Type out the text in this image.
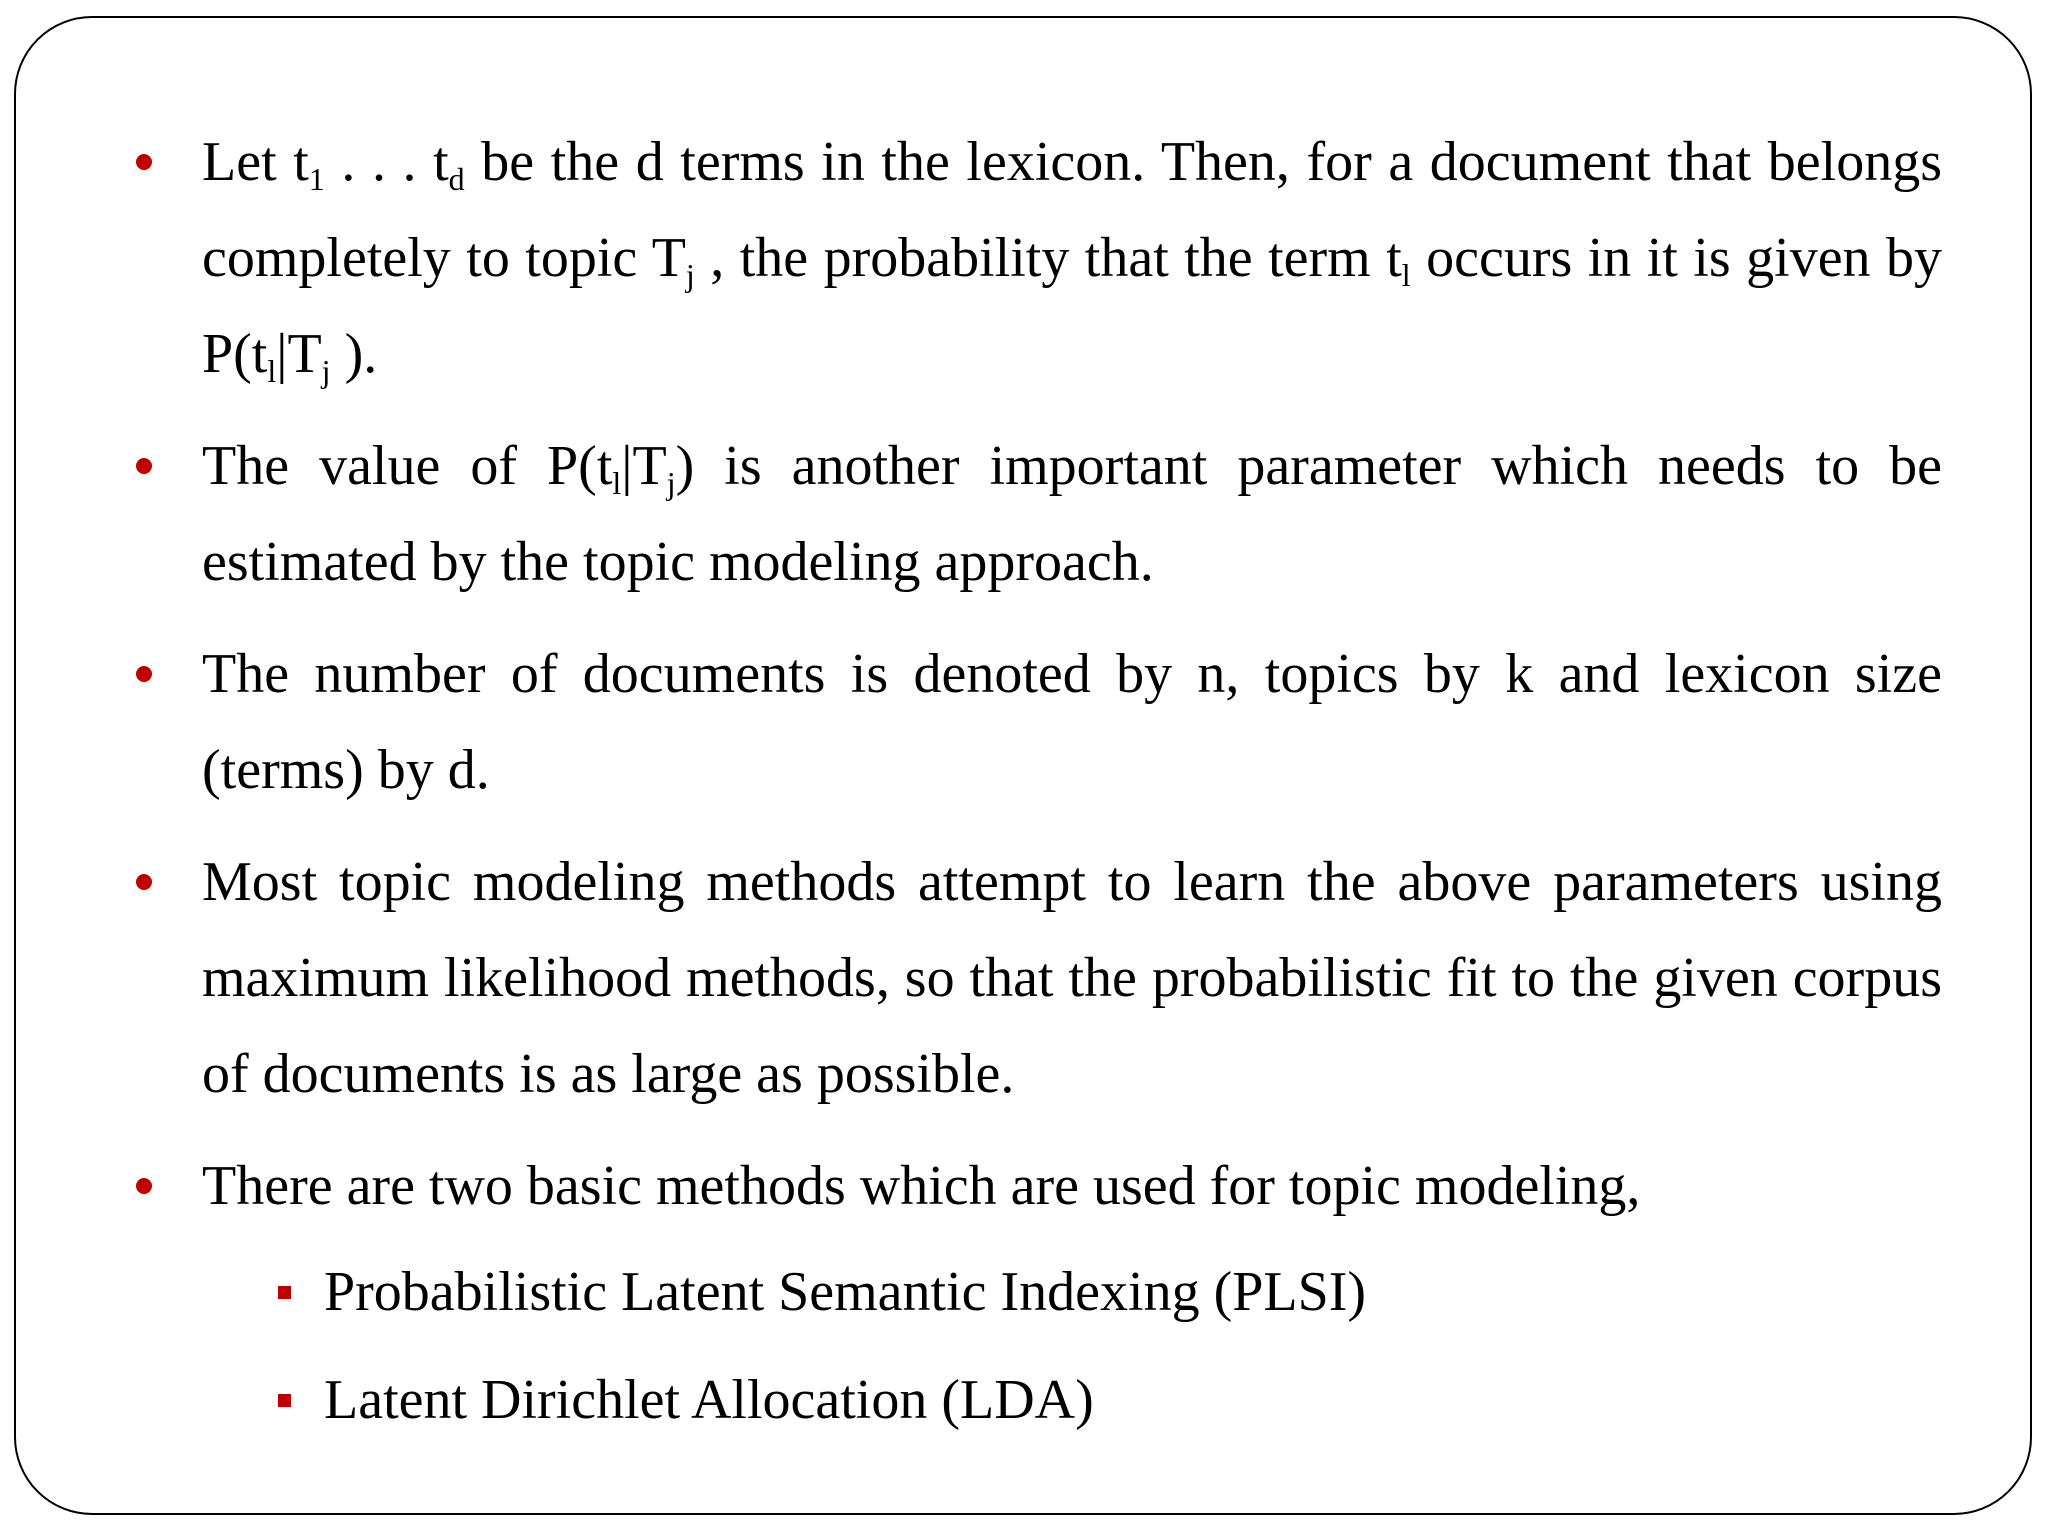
Let $t_1$ . . . $t_d$ be the d terms in the lexicon. Then, for a document that belongs completely to topic $T_j$ , the probability that the term $t_l$ occurs in it is given by $P(t_l|T_j$ ).

The value of $P(t_l|T_j)$ is another important parameter which needs to be estimated by the topic modeling approach.

The number of documents is denoted by n, topics by k and lexicon size (terms) by d.

Most topic modeling methods attempt to learn the above parameters using maximum likelihood methods, so that the probabilistic fit to the given corpus of documents is as large as possible.

There are two basic methods which are used for topic modeling,

Probabilistic Latent Semantic Indexing (PLSI)
Latent Dirichlet Allocation (LDA)
